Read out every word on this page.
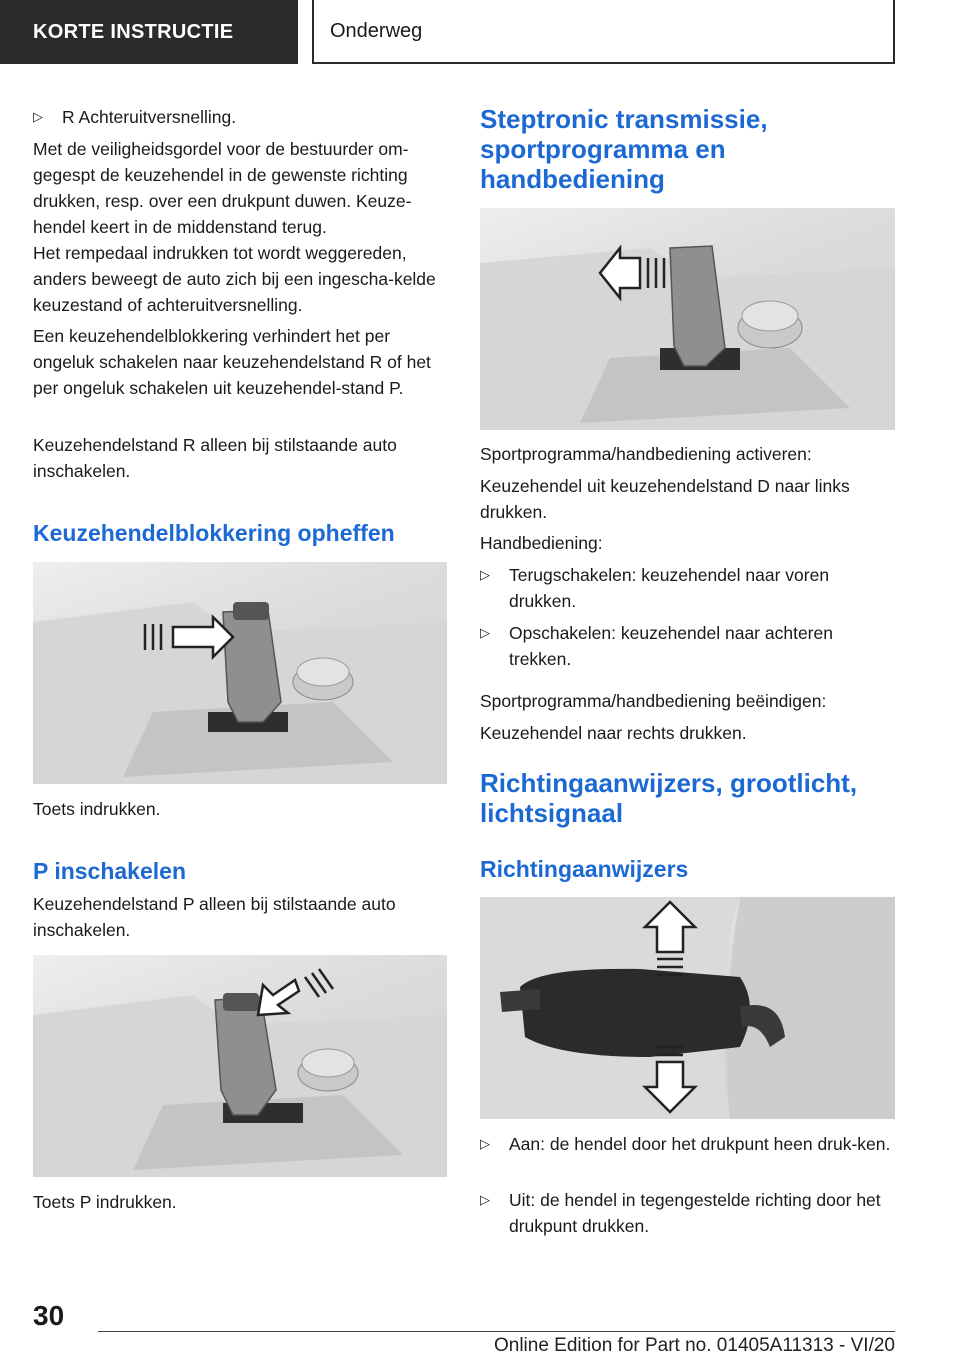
KORTE INSTRUCTIE	Onderweg
▷	R Achteruitversnelling.

Met de veiligheidsgordel voor de bestuurder om-gegespt de keuzehendel in de gewenste richting drukken, resp. over een drukpunt duwen. Keuze-hendel keert in de middenstand terug.

Het rempedaal indrukken tot wordt weggereden, anders beweegt de auto zich bij een ingescha-kelde keuzestand of achteruitversnelling.

Een keuzehendelblokkering verhindert het per ongeluk schakelen naar keuzehendelstand R of het per ongeluk schakelen uit keuzehendel-stand P.

Keuzehendelstand R alleen bij stilstaande auto inschakelen.

Keuzehendelblokkering opheffen

Toets indrukken.

P inschakelen

Keuzehendelstand P alleen bij stilstaande auto inschakelen.

Toets P indrukken.

Steptronic transmissie, sportprogramma en handbediening

Sportprogramma/handbediening activeren:

Keuzehendel uit keuzehendelstand D naar links drukken.

Handbediening:

▷	Terugschakelen: keuzehendel naar voren drukken.
▷	Opschakelen: keuzehendel naar achteren trekken.

Sportprogramma/handbediening beëindigen:

Keuzehendel naar rechts drukken.

Richtingaanwijzers, grootlicht, lichtsignaal
Richtingaanwijzers
▷	Aan: de hendel door het drukpunt heen druk-ken.
▷	Uit: de hendel in tegengestelde richting door het drukpunt drukken.
30
Online Edition for Part no. 01405A11313 - VI/20
